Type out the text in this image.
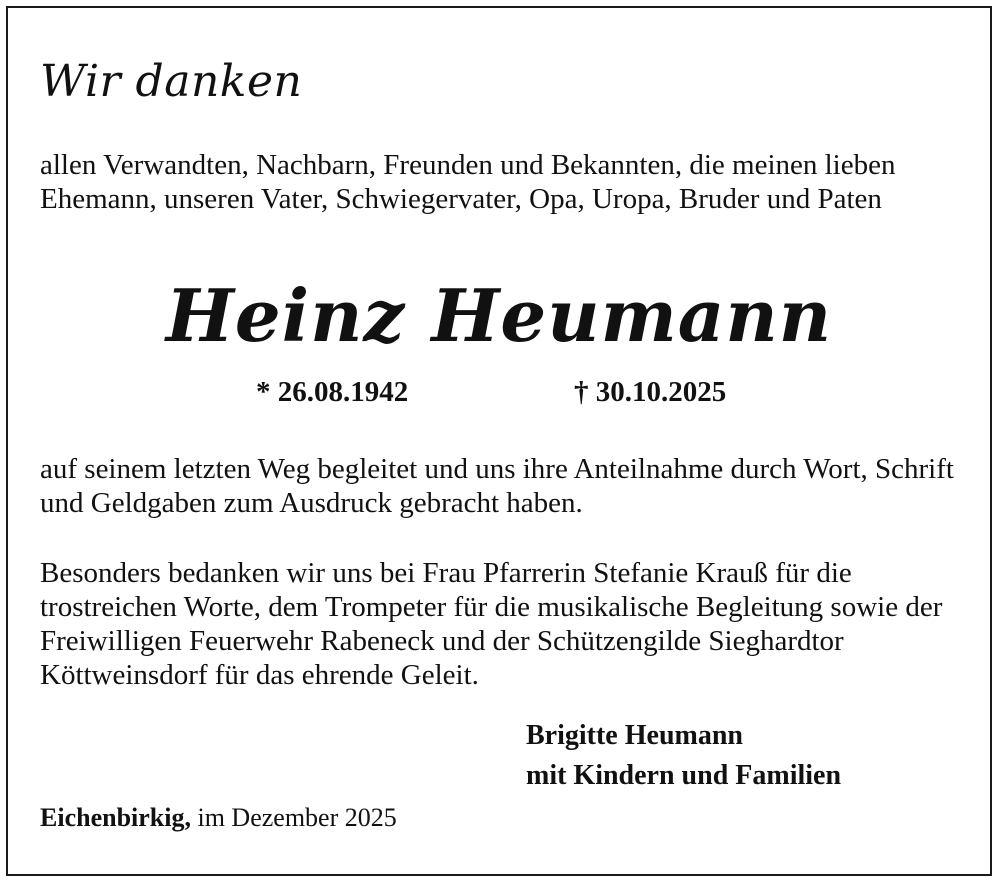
Wir danken
allen Verwandten, Nachbarn, Freunden und Bekannten, die meinen lieben Ehemann, unseren Vater, Schwiegervater, Opa, Uropa, Bruder und Paten
Heinz Heumann
* 26.08.1942	† 30.10.2025
auf seinem letzten Weg begleitet und uns ihre Anteilnahme durch Wort, Schrift und Geldgaben zum Ausdruck gebracht haben.
Besonders bedanken wir uns bei Frau Pfarrerin Stefanie Krauß für die trostreichen Worte, dem Trompeter für die musikalische Begleitung sowie der Freiwilligen Feuerwehr Rabeneck und der Schützengilde Sieghardtor Köttweinsdorf für das ehrende Geleit.
Brigitte Heumann
mit Kindern und Familien
Eichenbirkig, im Dezember 2025
